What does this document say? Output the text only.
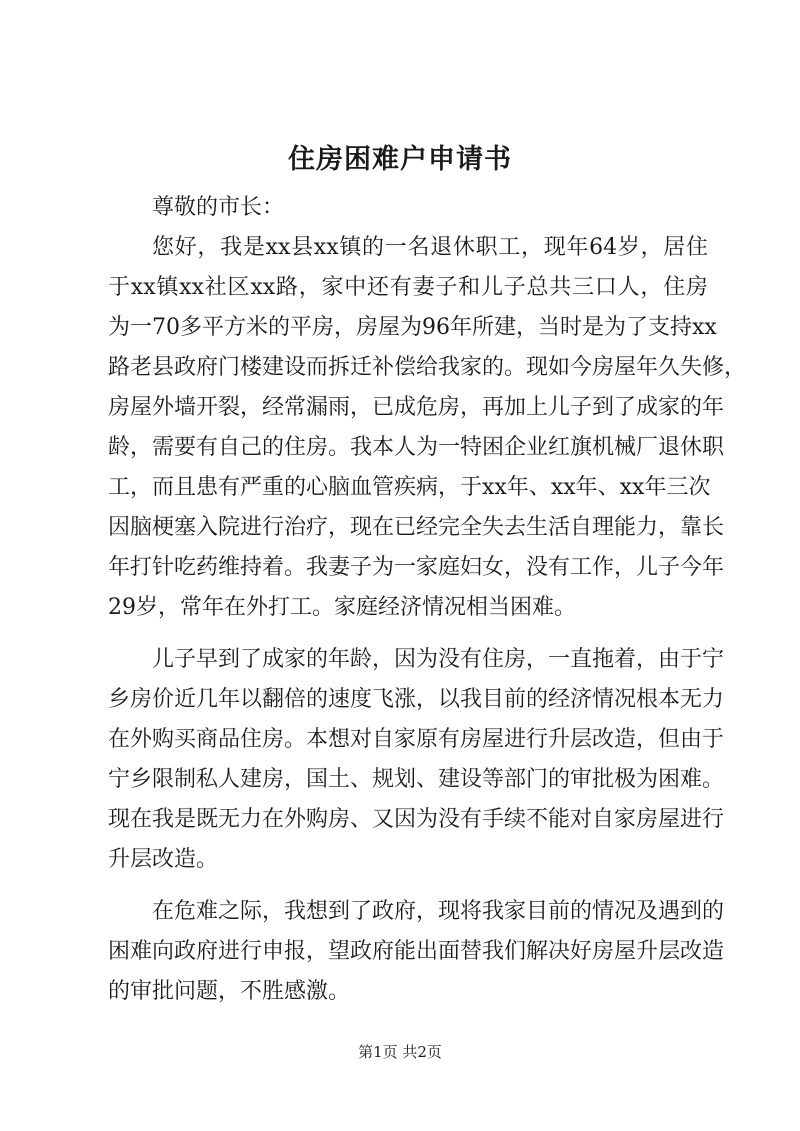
住房困难户申请书

尊敬的市长：

您好，我是xx县xx镇的一名退休职工，现年64岁，居住
于xx镇xx社区xx路，家中还有妻子和儿子总共三口人，住房
为一70多平方米的平房，房屋为96年所建，当时是为了支持xx
路老县政府门楼建设而拆迁补偿给我家的。现如今房屋年久失修，
房屋外墙开裂，经常漏雨，已成危房，再加上儿子到了成家的年
龄，需要有自己的住房。我本人为一特困企业红旗机械厂退休职
工，而且患有严重的心脑血管疾病，于xx年、xx年、xx年三次
因脑梗塞入院进行治疗，现在已经完全失去生活自理能力，靠长
年打针吃药维持着。我妻子为一家庭妇女，没有工作，儿子今年
29岁，常年在外打工。家庭经济情况相当困难。

儿子早到了成家的年龄，因为没有住房，一直拖着，由于宁
乡房价近几年以翻倍的速度飞涨，以我目前的经济情况根本无力
在外购买商品住房。本想对自家原有房屋进行升层改造，但由于
宁乡限制私人建房，国土、规划、建设等部门的审批极为困难。
现在我是既无力在外购房、又因为没有手续不能对自家房屋进行
升层改造。

在危难之际，我想到了政府，现将我家目前的情况及遇到的
困难向政府进行申报，望政府能出面替我们解决好房屋升层改造
的审批问题，不胜感激。

第1页 共2页
